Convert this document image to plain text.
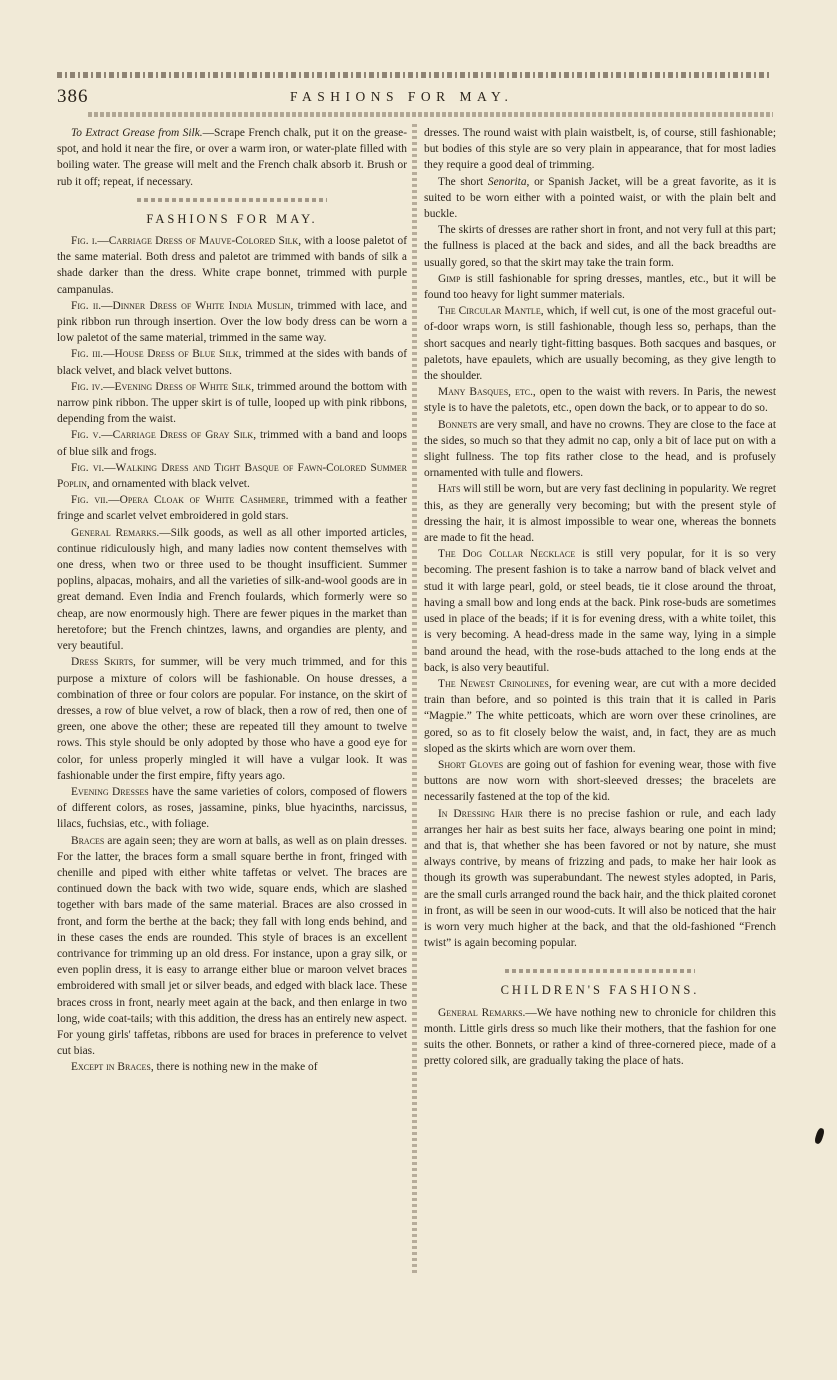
386	FASHIONS FOR MAY.

To Extract Grease from Silk.—Scrape French chalk, put it on the grease-spot, and hold it near the fire, or over a warm iron, or water-plate filled with boiling water. The grease will melt and the French chalk absorb it. Brush or rub it off; repeat, if necessary.

FASHIONS FOR MAY.

Fig. i.—Carriage Dress of Mauve-Colored Silk, with a loose paletot of the same material. Both dress and paletot are trimmed with bands of silk a shade darker than the dress. White crape bonnet, trimmed with purple campanulas.

Fig. ii.—Dinner Dress of White India Muslin, trimmed with lace, and pink ribbon run through insertion. Over the low body dress can be worn a low paletot of the same material, trimmed in the same way.

Fig. iii.—House Dress of Blue Silk, trimmed at the sides with bands of black velvet, and black velvet buttons.

Fig. iv.—Evening Dress of White Silk, trimmed around the bottom with narrow pink ribbon. The upper skirt is of tulle, looped up with pink ribbons, depending from the waist.

Fig. v.—Carriage Dress of Gray Silk, trimmed with a band and loops of blue silk and frogs.

Fig. vi.—Walking Dress and Tight Basque of Fawn-Colored Summer Poplin, and ornamented with black velvet.

Fig. vii.—Opera Cloak of White Cashmere, trimmed with a feather fringe and scarlet velvet embroidered in gold stars.

General Remarks.—Silk goods, as well as all other imported articles, continue ridiculously high, and many ladies now content themselves with one dress, when two or three used to be thought insufficient. Summer poplins, alpacas, mohairs, and all the varieties of silk-and-wool goods are in great demand. Even India and French foulards, which formerly were so cheap, are now enormously high. There are fewer piques in the market than heretofore; but the French chintzes, lawns, and organdies are plenty, and very beautiful.

Dress Skirts, for summer, will be very much trimmed, and for this purpose a mixture of colors will be fashionable. On house dresses, a combination of three or four colors are popular. For instance, on the skirt of dresses, a row of blue velvet, a row of black, then a row of red, then one of green, one above the other; these are repeated till they amount to twelve rows. This style should be only adopted by those who have a good eye for color, for unless properly mingled it will have a vulgar look. It was fashionable under the first empire, fifty years ago.

Evening Dresses have the same varieties of colors, composed of flowers of different colors, as roses, jassamine, pinks, blue hyacinths, narcissus, lilacs, fuchsias, etc., with foliage.

Braces are again seen; they are worn at balls, as well as on plain dresses. For the latter, the braces form a small square berthe in front, fringed with chenille and piped with either white taffetas or velvet. The braces are continued down the back with two wide, square ends, which are slashed together with bars made of the same material. Braces are also crossed in front, and form the berthe at the back; they fall with long ends behind, and in these cases the ends are rounded. This style of braces is an excellent contrivance for trimming up an old dress. For instance, upon a gray silk, or even poplin dress, it is easy to arrange either blue or maroon velvet braces embroidered with small jet or silver beads, and edged with black lace. These braces cross in front, nearly meet again at the back, and then enlarge in two long, wide coat-tails; with this addition, the dress has an entirely new aspect. For young girls' taffetas, ribbons are used for braces in preference to velvet cut bias.

Except in Braces, there is nothing new in the make of

dresses. The round waist with plain waistbelt, is, of course, still fashionable; but bodies of this style are so very plain in appearance, that for most ladies they require a good deal of trimming.

The short Senorita, or Spanish Jacket, will be a great favorite, as it is suited to be worn either with a pointed waist, or with the plain belt and buckle.

The skirts of dresses are rather short in front, and not very full at this part; the fullness is placed at the back and sides, and all the back breadths are usually gored, so that the skirt may take the train form.

Gimp is still fashionable for spring dresses, mantles, etc., but it will be found too heavy for light summer materials.

The Circular Mantle, which, if well cut, is one of the most graceful out-of-door wraps worn, is still fashionable, though less so, perhaps, than the short sacques and nearly tight-fitting basques. Both sacques and basques, or paletots, have epaulets, which are usually becoming, as they give length to the shoulder.

Many Basques, etc., open to the waist with revers. In Paris, the newest style is to have the paletots, etc., open down the back, or to appear to do so.

Bonnets are very small, and have no crowns. They are close to the face at the sides, so much so that they admit no cap, only a bit of lace put on with a slight fullness. The top fits rather close to the head, and is profusely ornamented with tulle and flowers.

Hats will still be worn, but are very fast declining in popularity. We regret this, as they are generally very becoming; but with the present style of dressing the hair, it is almost impossible to wear one, whereas the bonnets are made to fit the head.

The Dog Collar Necklace is still very popular, for it is so very becoming. The present fashion is to take a narrow band of black velvet and stud it with large pearl, gold, or steel beads, tie it close around the throat, having a small bow and long ends at the back. Pink rose-buds are sometimes used in place of the beads; if it is for evening dress, with a white toilet, this is very becoming. A head-dress made in the same way, lying in a simple band around the head, with the rose-buds attached to the long ends at the back, is also very beautiful.

The Newest Crinolines, for evening wear, are cut with a more decided train than before, and so pointed is this train that it is called in Paris “Magpie.” The white petticoats, which are worn over these crinolines, are gored, so as to fit closely below the waist, and, in fact, they are as much sloped as the skirts which are worn over them.

Short Gloves are going out of fashion for evening wear, those with five buttons are now worn with short-sleeved dresses; the bracelets are necessarily fastened at the top of the kid.

In Dressing Hair there is no precise fashion or rule, and each lady arranges her hair as best suits her face, always bearing one point in mind; and that is, that whether she has been favored or not by nature, she must always contrive, by means of frizzing and pads, to make her hair look as though its growth was superabundant. The newest styles adopted, in Paris, are the small curls arranged round the back hair, and the thick plaited coronet in front, as will be seen in our wood-cuts. It will also be noticed that the hair is worn very much higher at the back, and that the old-fashioned “French twist” is again becoming popular.

CHILDREN'S FASHIONS.

General Remarks.—We have nothing new to chronicle for children this month. Little girls dress so much like their mothers, that the fashion for one suits the other. Bonnets, or rather a kind of three-cornered piece, made of a pretty colored silk, are gradually taking the place of hats.
